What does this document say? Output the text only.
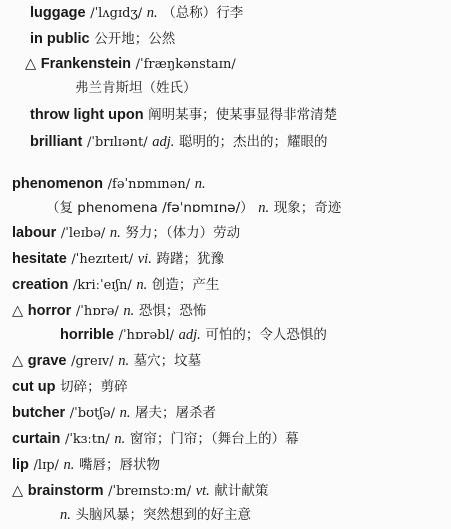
luggage /ˈlʌgɪdʒ/ n. （总称）行李
in public 公开地；公然
△ Frankenstein /ˈfræŋkənstaɪn/
弗兰肯斯坦（姓氏）
throw light upon 阐明某事；使某事显得非常清楚
brilliant /ˈbrɪlɪənt/ adj. 聪明的；杰出的；耀眼的
phenomenon /fəˈnɒmɪnən/ n.
（复 phenomena /fəˈnɒmɪnə/） n. 现象；奇迹
labour /ˈleɪbə/ n. 努力；（体力）劳动
hesitate /ˈhezɪteɪt/ vi. 踌躇；犹豫
creation /kriːˈeɪʃn/ n. 创造；产生
△ horror /ˈhɒrə/ n. 恐惧；恐怖
horrible /ˈhɒrəbl/ adj. 可怕的；令人恐惧的
△ grave /greɪv/ n. 墓穴；坟墓
cut up 切碎；剪碎
butcher /ˈbʊtʃə/ n. 屠夫；屠杀者
curtain /ˈkɜːtn/ n. 窗帘；门帘；（舞台上的）幕
lip /lɪp/ n. 嘴唇；唇状物
△ brainstorm /ˈbreɪnstɔːm/ vt. 献计献策
n. 头脑风暴；突然想到的好主意
